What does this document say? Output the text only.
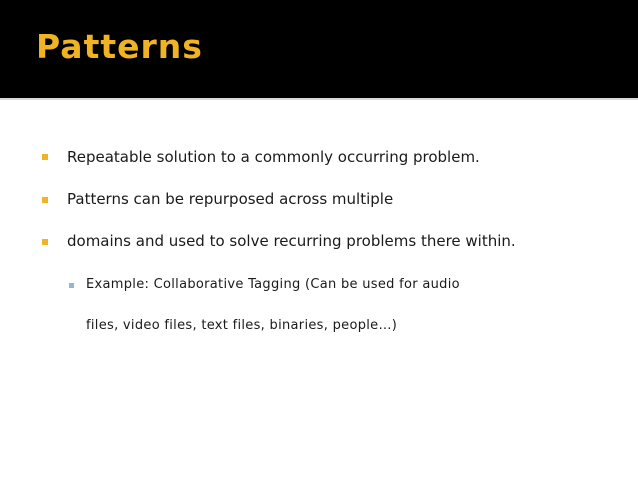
Patterns
Repeatable solution to a commonly occurring problem.
Patterns can be repurposed across multiple
domains and used to solve recurring problems there within.
Example: Collaborative Tagging (Can be used for audio
files, video files, text files, binaries, people…)
